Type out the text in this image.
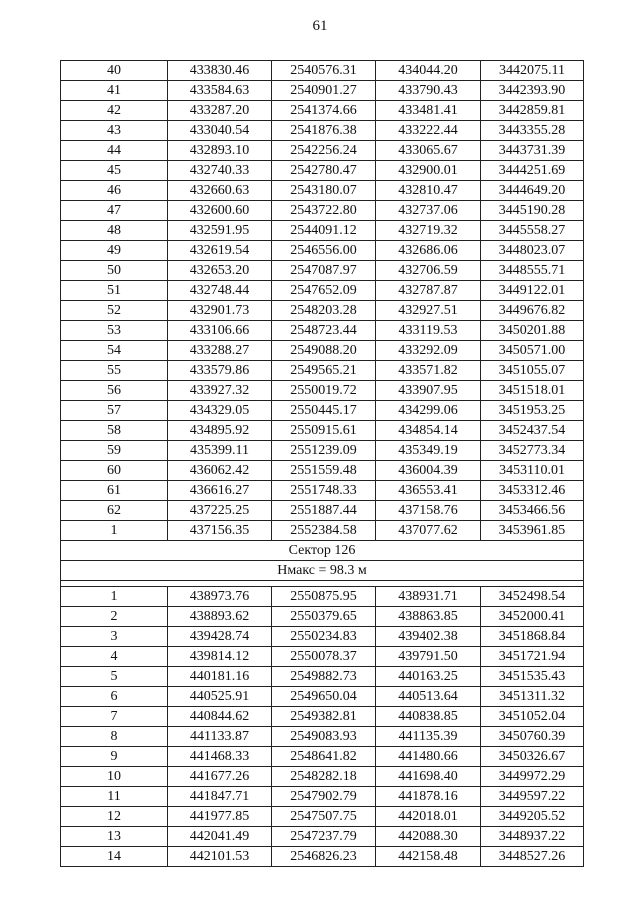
61
40	433830.46	2540576.31	434044.20	3442075.11
41	433584.63	2540901.27	433790.43	3442393.90
42	433287.20	2541374.66	433481.41	3442859.81
43	433040.54	2541876.38	433222.44	3443355.28
44	432893.10	2542256.24	433065.67	3443731.39
45	432740.33	2542780.47	432900.01	3444251.69
46	432660.63	2543180.07	432810.47	3444649.20
47	432600.60	2543722.80	432737.06	3445190.28
48	432591.95	2544091.12	432719.32	3445558.27
49	432619.54	2546556.00	432686.06	3448023.07
50	432653.20	2547087.97	432706.59	3448555.71
51	432748.44	2547652.09	432787.87	3449122.01
52	432901.73	2548203.28	432927.51	3449676.82
53	433106.66	2548723.44	433119.53	3450201.88
54	433288.27	2549088.20	433292.09	3450571.00
55	433579.86	2549565.21	433571.82	3451055.07
56	433927.32	2550019.72	433907.95	3451518.01
57	434329.05	2550445.17	434299.06	3451953.25
58	434895.92	2550915.61	434854.14	3452437.54
59	435399.11	2551239.09	435349.19	3452773.34
60	436062.42	2551559.48	436004.39	3453110.01
61	436616.27	2551748.33	436553.41	3453312.46
62	437225.25	2551887.44	437158.76	3453466.56
1	437156.35	2552384.58	437077.62	3453961.85
Сектор 126				
Нмакс = 98.3 м				

1	438973.76	2550875.95	438931.71	3452498.54
2	438893.62	2550379.65	438863.85	3452000.41
3	439428.74	2550234.83	439402.38	3451868.84
4	439814.12	2550078.37	439791.50	3451721.94
5	440181.16	2549882.73	440163.25	3451535.43
6	440525.91	2549650.04	440513.64	3451311.32
7	440844.62	2549382.81	440838.85	3451052.04
8	441133.87	2549083.93	441135.39	3450760.39
9	441468.33	2548641.82	441480.66	3450326.67
10	441677.26	2548282.18	441698.40	3449972.29
11	441847.71	2547902.79	441878.16	3449597.22
12	441977.85	2547507.75	442018.01	3449205.52
13	442041.49	2547237.79	442088.30	3448937.22
14	442101.53	2546826.23	442158.48	3448527.26
